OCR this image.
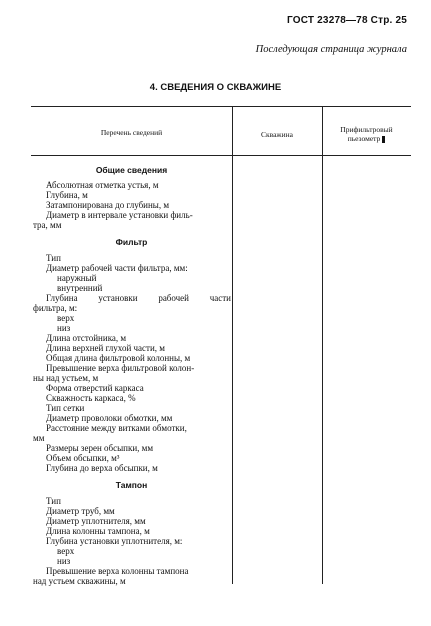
ГОСТ 23278—78 Стр. 25
Последующая страница журнала
4. СВЕДЕНИЯ О СКВАЖИНЕ
Перечень сведений	Скважина
Прифильтровый
пьезометр
Общие сведения
Абсолютная отметка устья, м
Глубина, м
Затампонирована до глубины, м
Диаметр в интервале установки филь-
тра, мм
Фильтр
Тип
Диаметр рабочей части фильтра, мм:
наружный
внутренний
Глубина установки рабочей части
фильтра, м:
верх
низ
Длина отстойника, м
Длина верхней глухой части, м
Общая длина фильтровой колонны, м
Превышение верха фильтровой колон-
ны над устьем, м
Форма отверстий каркаса
Скважность каркаса, %
Тип сетки
Диаметр проволоки обмотки, мм
Расстояние между витками обмотки,
мм
Размеры зерен обсыпки, мм
Объем обсыпки, м³
Глубина до верха обсыпки, м
Тампон
Тип
Диаметр труб, мм
Диаметр уплотнителя, мм
Длина колонны тампона, м
Глубина установки уплотнителя, м:
верх
низ
Превышение верха колонны тампона
над устьем скважины, м
